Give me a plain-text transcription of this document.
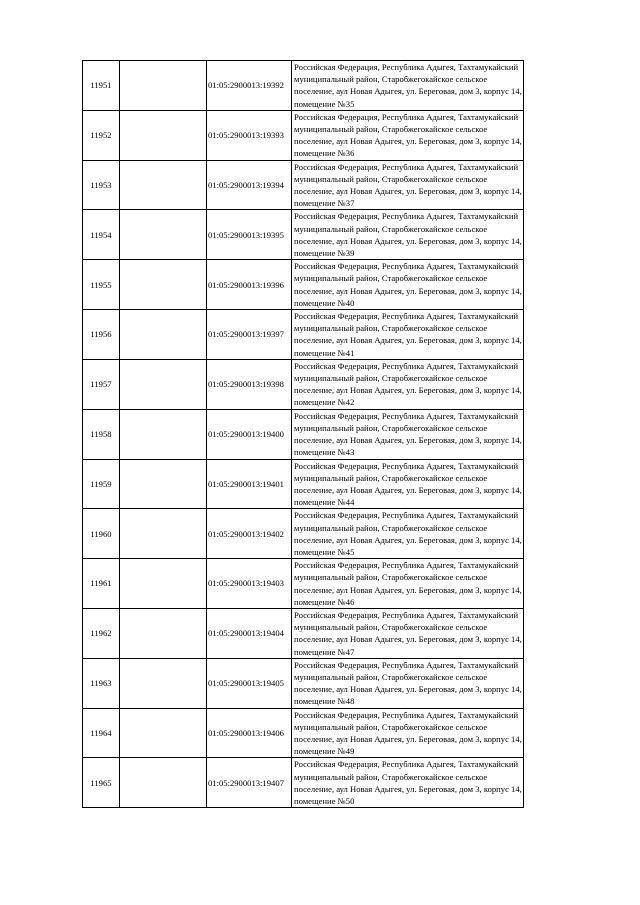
11951		01:05:2900013:19392	Российская Федерация, Республика Адыгея, Тахтамукайский муниципальный район, Старобжегокайское сельское поселение, аул Новая Адыгея, ул. Береговая, дом 3, корпус 14, помещение №35
11952		01:05:2900013:19393	Российская Федерация, Республика Адыгея, Тахтамукайский муниципальный район, Старобжегокайское сельское поселение, аул Новая Адыгея, ул. Береговая, дом 3, корпус 14, помещение №36
11953		01:05:2900013:19394	Российская Федерация, Республика Адыгея, Тахтамукайский муниципальный район, Старобжегокайское сельское поселение, аул Новая Адыгея, ул. Береговая, дом 3, корпус 14, помещение №37
11954		01:05:2900013:19395	Российская Федерация, Республика Адыгея, Тахтамукайский муниципальный район, Старобжегокайское сельское поселение, аул Новая Адыгея, ул. Береговая, дом 3, корпус 14, помещение №39
11955		01:05:2900013:19396	Российская Федерация, Республика Адыгея, Тахтамукайский муниципальный район, Старобжегокайское сельское поселение, аул Новая Адыгея, ул. Береговая, дом 3, корпус 14, помещение №40
11956		01:05:2900013:19397	Российская Федерация, Республика Адыгея, Тахтамукайский муниципальный район, Старобжегокайское сельское поселение, аул Новая Адыгея, ул. Береговая, дом 3, корпус 14, помещение №41
11957		01:05:2900013:19398	Российская Федерация, Республика Адыгея, Тахтамукайский муниципальный район, Старобжегокайское сельское поселение, аул Новая Адыгея, ул. Береговая, дом 3, корпус 14, помещение №42
11958		01:05:2900013:19400	Российская Федерация, Республика Адыгея, Тахтамукайский муниципальный район, Старобжегокайское сельское поселение, аул Новая Адыгея, ул. Береговая, дом 3, корпус 14, помещение №43
11959		01:05:2900013:19401	Российская Федерация, Республика Адыгея, Тахтамукайский муниципальный район, Старобжегокайское сельское поселение, аул Новая Адыгея, ул. Береговая, дом 3, корпус 14, помещение №44
11960		01:05:2900013:19402	Российская Федерация, Республика Адыгея, Тахтамукайский муниципальный район, Старобжегокайское сельское поселение, аул Новая Адыгея, ул. Береговая, дом 3, корпус 14, помещение №45
11961		01:05:2900013:19403	Российская Федерация, Республика Адыгея, Тахтамукайский муниципальный район, Старобжегокайское сельское поселение, аул Новая Адыгея, ул. Береговая, дом 3, корпус 14, помещение №46
11962		01:05:2900013:19404	Российская Федерация, Республика Адыгея, Тахтамукайский муниципальный район, Старобжегокайское сельское поселение, аул Новая Адыгея, ул. Береговая, дом 3, корпус 14, помещение №47
11963		01:05:2900013:19405	Российская Федерация, Республика Адыгея, Тахтамукайский муниципальный район, Старобжегокайское сельское поселение, аул Новая Адыгея, ул. Береговая, дом 3, корпус 14, помещение №48
11964		01:05:2900013:19406	Российская Федерация, Республика Адыгея, Тахтамукайский муниципальный район, Старобжегокайское сельское поселение, аул Новая Адыгея, ул. Береговая, дом 3, корпус 14, помещение №49
11965		01:05:2900013:19407	Российская Федерация, Республика Адыгея, Тахтамукайский муниципальный район, Старобжегокайское сельское поселение, аул Новая Адыгея, ул. Береговая, дом 3, корпус 14, помещение №50
